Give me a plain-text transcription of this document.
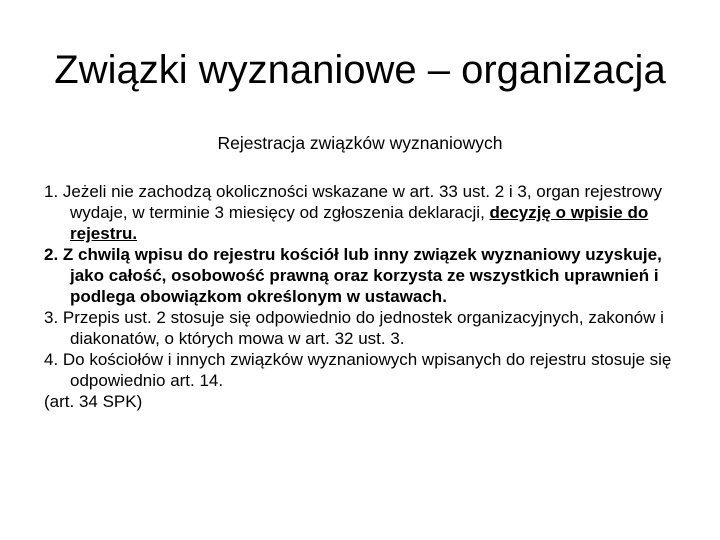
Związki wyznaniowe – organizacja
Rejestracja związków wyznaniowych

1. Jeżeli nie zachodzą okoliczności wskazane w art. 33 ust. 2 i 3, organ rejestrowy wydaje, w terminie 3 miesięcy od zgłoszenia deklaracji, decyzję o wpisie do rejestru.

2. Z chwilą wpisu do rejestru kościół lub inny związek wyznaniowy uzyskuje, jako całość, osobowość prawną oraz korzysta ze wszystkich uprawnień i podlega obowiązkom określonym w ustawach.

3. Przepis ust. 2 stosuje się odpowiednio do jednostek organizacyjnych, zakonów i diakonatów, o których mowa w art. 32 ust. 3.

4. Do kościołów i innych związków wyznaniowych wpisanych do rejestru stosuje się odpowiednio art. 14.

(art. 34 SPK)
